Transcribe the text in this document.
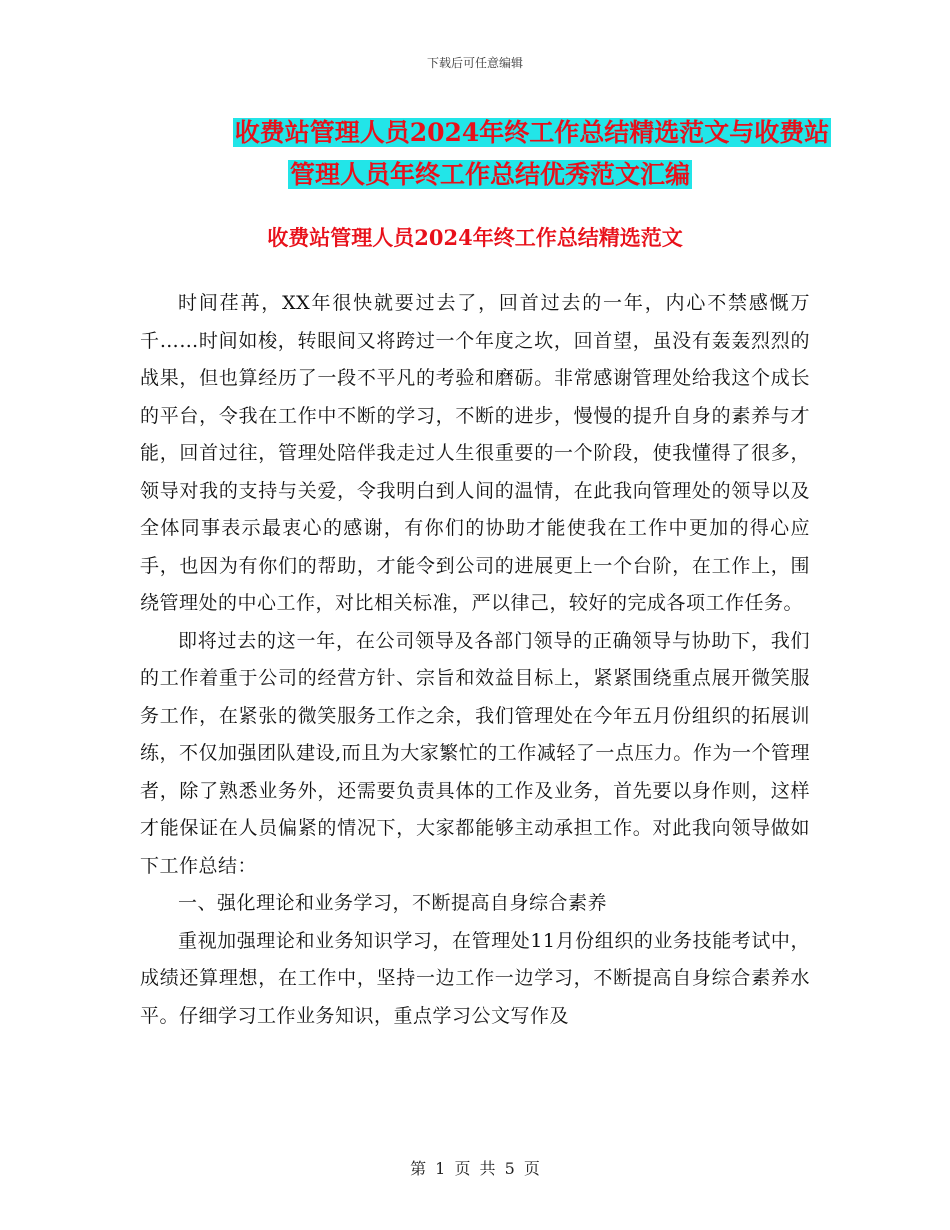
下载后可任意编辑
收费站管理人员2024年终工作总结精选范文与收费站
管理人员年终工作总结优秀范文汇编
收费站管理人员2024年终工作总结精选范文

时间荏苒，XX年很快就要过去了，回首过去的一年，内心不禁感慨万千……时间如梭，转眼间又将跨过一个年度之坎，回首望，虽没有轰轰烈烈的战果，但也算经历了一段不平凡的考验和磨砺。非常感谢管理处给我这个成长的平台，令我在工作中不断的学习，不断的进步，慢慢的提升自身的素养与才能，回首过往，管理处陪伴我走过人生很重要的一个阶段，使我懂得了很多，领导对我的支持与关爱，令我明白到人间的温情，在此我向管理处的领导以及全体同事表示最衷心的感谢，有你们的协助才能使我在工作中更加的得心应手，也因为有你们的帮助，才能令到公司的进展更上一个台阶，在工作上，围绕管理处的中心工作，对比相关标准，严以律己，较好的完成各项工作任务。

即将过去的这一年，在公司领导及各部门领导的正确领导与协助下，我们的工作着重于公司的经营方针、宗旨和效益目标上，紧紧围绕重点展开微笑服务工作，在紧张的微笑服务工作之余，我们管理处在今年五月份组织的拓展训练，不仅加强团队建设,而且为大家繁忙的工作减轻了一点压力。作为一个管理者，除了熟悉业务外，还需要负责具体的工作及业务，首先要以身作则，这样才能保证在人员偏紧的情况下，大家都能够主动承担工作。对此我向领导做如下工作总结：

一、强化理论和业务学习，不断提高自身综合素养

重视加强理论和业务知识学习，在管理处11月份组织的业务技能考试中，成绩还算理想，在工作中，坚持一边工作一边学习，不断提高自身综合素养水平。仔细学习工作业务知识，重点学习公文写作及

第 1 页 共 5 页
